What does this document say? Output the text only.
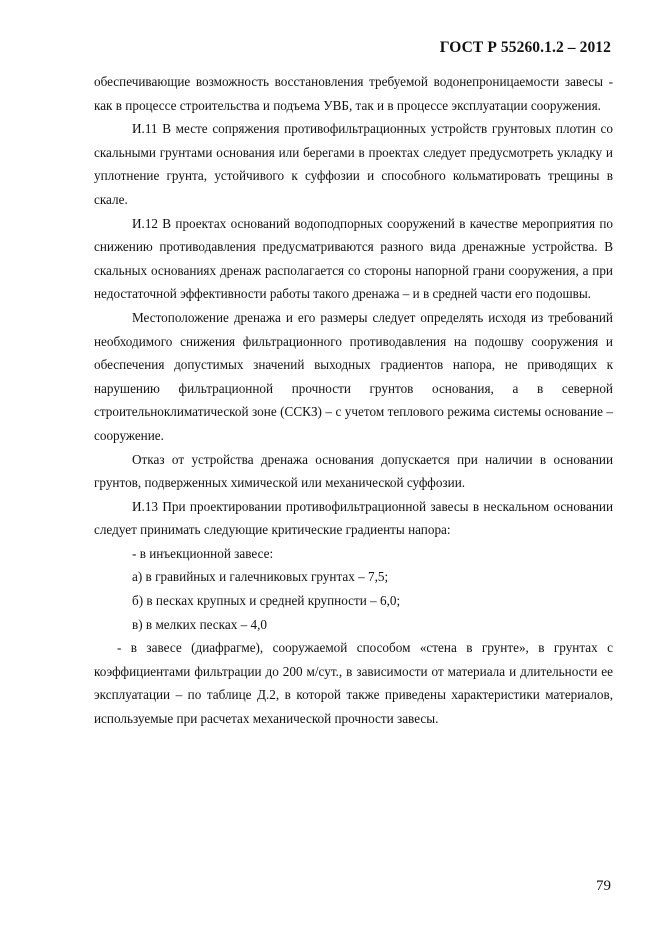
ГОСТ Р 55260.1.2 – 2012

обеспечивающие возможность восстановления требуемой водонепроницаемости завесы - как в процессе строительства и подъема УВБ, так и в процессе эксплуатации сооружения.

И.11 В месте сопряжения противофильтрационных устройств грунтовых плотин со скальными грунтами основания или берегами в проектах следует предусмотреть укладку и уплотнение грунта, устойчивого к суффозии и способного кольматировать трещины в скале.

И.12 В проектах оснований водоподпорных сооружений в качестве мероприятия по снижению противодавления предусматриваются разного вида дренажные устройства. В скальных основаниях дренаж располагается со стороны напорной грани сооружения, а при недостаточной эффективности работы такого дренажа – и в средней части его подошвы.

Местоположение дренажа и его размеры следует определять исходя из требований необходимого снижения фильтрационного противодавления на подошву сооружения и обеспечения допустимых значений выходных градиентов напора, не приводящих к нарушению фильтрационной прочности грунтов основания, а в северной строительноклиматической зоне (ССКЗ) – с учетом теплового режима системы основание – сооружение.

Отказ от устройства дренажа основания допускается при наличии в основании грунтов, подверженных химической или механической суффозии.

И.13 При проектировании противофильтрационной завесы в нескальном основании следует принимать следующие критические градиенты напора:

- в инъекционной завесе:

а) в гравийных и галечниковых грунтах – 7,5;

б) в песках крупных и средней крупности – 6,0;

в) в мелких песках – 4,0

- в завесе (диафрагме), сооружаемой способом «стена в грунте», в грунтах с коэффициентами фильтрации до 200 м/сут., в зависимости от материала и длительности ее эксплуатации – по таблице Д.2, в которой также приведены характеристики материалов, используемые при расчетах механической прочности завесы.

79
